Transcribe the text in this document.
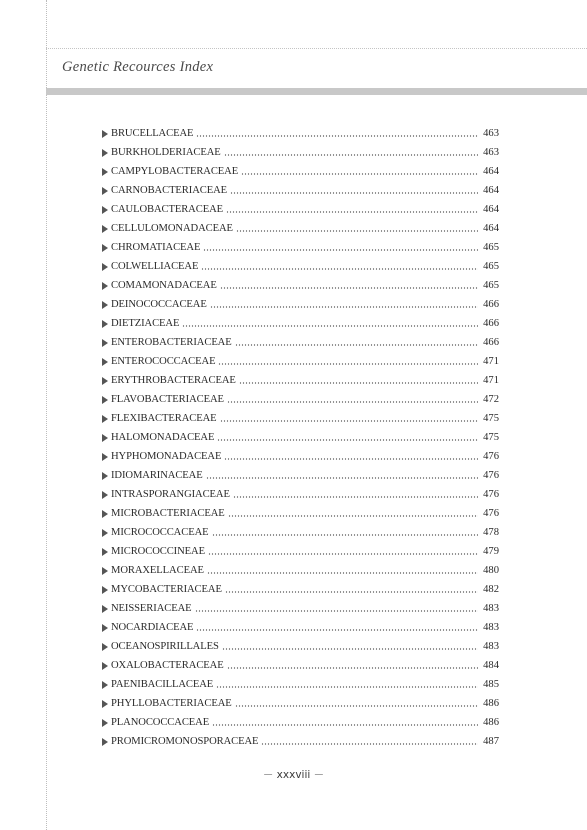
Genetic Recources Index
BRUCELLACEAE	463
BURKHOLDERIACEAE	463
CAMPYLOBACTERACEAE	464
CARNOBACTERIACEAE	464
CAULOBACTERACEAE	464
CELLULOMONADACEAE	464
CHROMATIACEAE	465
COLWELLIACEAE	465
COMAMONADACEAE	465
DEINOCOCCACEAE	466
DIETZIACEAE	466
ENTEROBACTERIACEAE	466
ENTEROCOCCACEAE	471
ERYTHROBACTERACEAE	471
FLAVOBACTERIACEAE	472
FLEXIBACTERACEAE	475
HALOMONADACEAE	475
HYPHOMONADACEAE	476
IDIOMARINACEAE	476
INTRASPORANGIACEAE	476
MICROBACTERIACEAE	476
MICROCOCCACEAE	478
MICROCOCCINEAE	479
MORAXELLACEAE	480
MYCOBACTERIACEAE	482
NEISSERIACEAE	483
NOCARDIACEAE	483
OCEANOSPIRILLALES	483
OXALOBACTERACEAE	484
PAENIBACILLACEAE	485
PHYLLOBACTERIACEAE	486
PLANOCOCCACEAE	486
PROMICROMONOSPORACEAE	487
－ xxxviii －
